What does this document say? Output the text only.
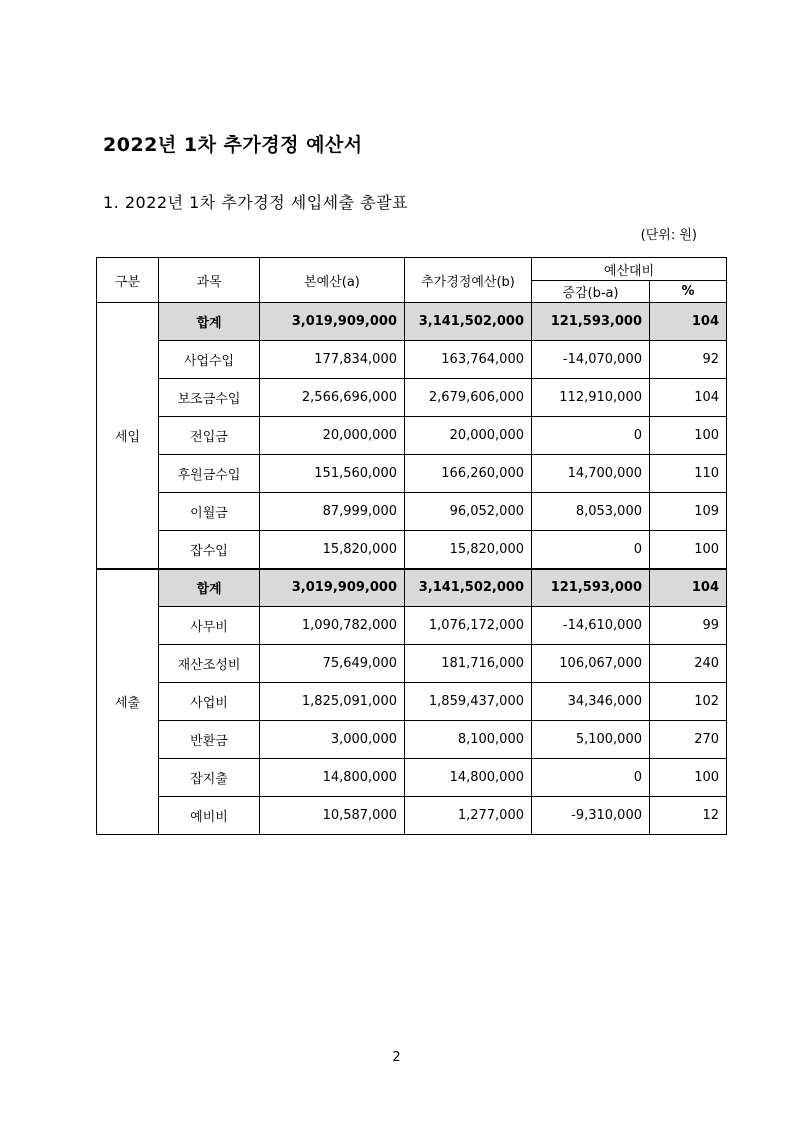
2022년 1차 추가경정 예산서
1. 2022년 1차 추가경정 세입세출 총괄표
(단위: 원)
구분	과목	본예산(a)	추가경정예산(b)	예산대비	
				증감(b-a)	%
세입	합계	3,019,909,000	3,141,502,000	121,593,000	104
	사업수입	177,834,000	163,764,000	-14,070,000	92
	보조금수입	2,566,696,000	2,679,606,000	112,910,000	104
	전입금	20,000,000	20,000,000	0	100
	후원금수입	151,560,000	166,260,000	14,700,000	110
	이월금	87,999,000	96,052,000	8,053,000	109
	잡수입	15,820,000	15,820,000	0	100
세출	합계	3,019,909,000	3,141,502,000	121,593,000	104
	사무비	1,090,782,000	1,076,172,000	-14,610,000	99
	재산조성비	75,649,000	181,716,000	106,067,000	240
	사업비	1,825,091,000	1,859,437,000	34,346,000	102
	반환금	3,000,000	8,100,000	5,100,000	270
	잡지출	14,800,000	14,800,000	0	100
	예비비	10,587,000	1,277,000	-9,310,000	12
2
